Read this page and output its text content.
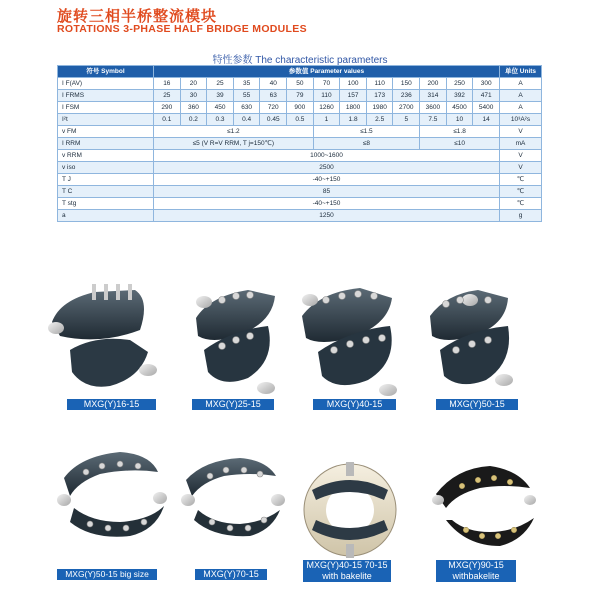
旋转三相半桥整流模块
ROTATIONS 3-PHASE HALF BRIDGE MODULES
特性参数 The characteristic parameters
符号 Symbol	参数值 Parameter values													单位 Units
I F(AV)	16	20	25	35	40	50	70	100	110	150	200	250	300	A
I FRMS	25	30	39	55	63	79	110	157	173	236	314	392	471	A
I FSM	290	360	450	630	720	900	1260	1800	1980	2700	3600	4500	5400	A
I²t	0.1	0.2	0.3	0.4	0.45	0.5	1	1.8	2.5	5	7.5	10	14	10³A²s
v FM	≤1.2						≤1.5				≤1.8			V
I RRM	≤5 (V R=V RRM, T j=150℃)						≤8				≤10			mA
v RRM	1000~1600													V
v iso	2500													V
T J	-40~+150													℃
T C	85													℃
T stg	-40~+150													℃
a	1250													g
MXG(Y)16-15	MXG(Y)25-15	MXG(Y)40-15	MXG(Y)50-15
MXG(Y)50-15 big size	MXG(Y)70-15
MXG(Y)40-15 70-15
with bakelite
MXG(Y)90-15
withbakelite
